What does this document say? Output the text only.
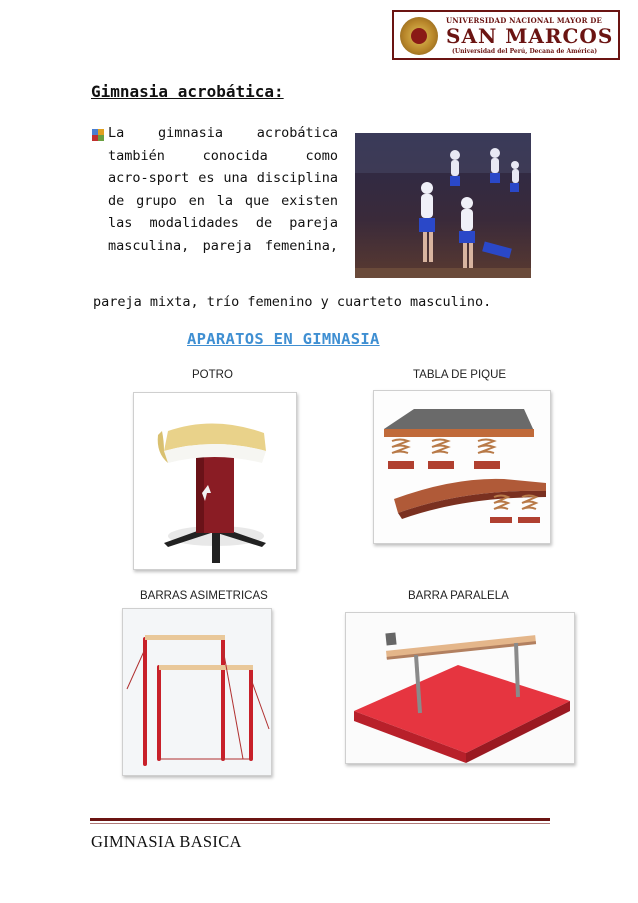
UNIVERSIDAD NACIONAL MAYOR DE
SAN MARCOS
(Universidad del Perú, Decana de América)
Gimnasia acrobática:
La gimnasia acrobática
también conocida como
acro-sport es una disciplina
de grupo en la que existen
las modalidades de pareja
masculina, pareja femenina,
pareja mixta, trío femenino y cuarteto masculino.
APARATOS EN GIMNASIA
POTRO	TABLA DE PIQUE
BARRAS ASIMETRICAS	BARRA PARALELA
GIMNASIA BASICA
